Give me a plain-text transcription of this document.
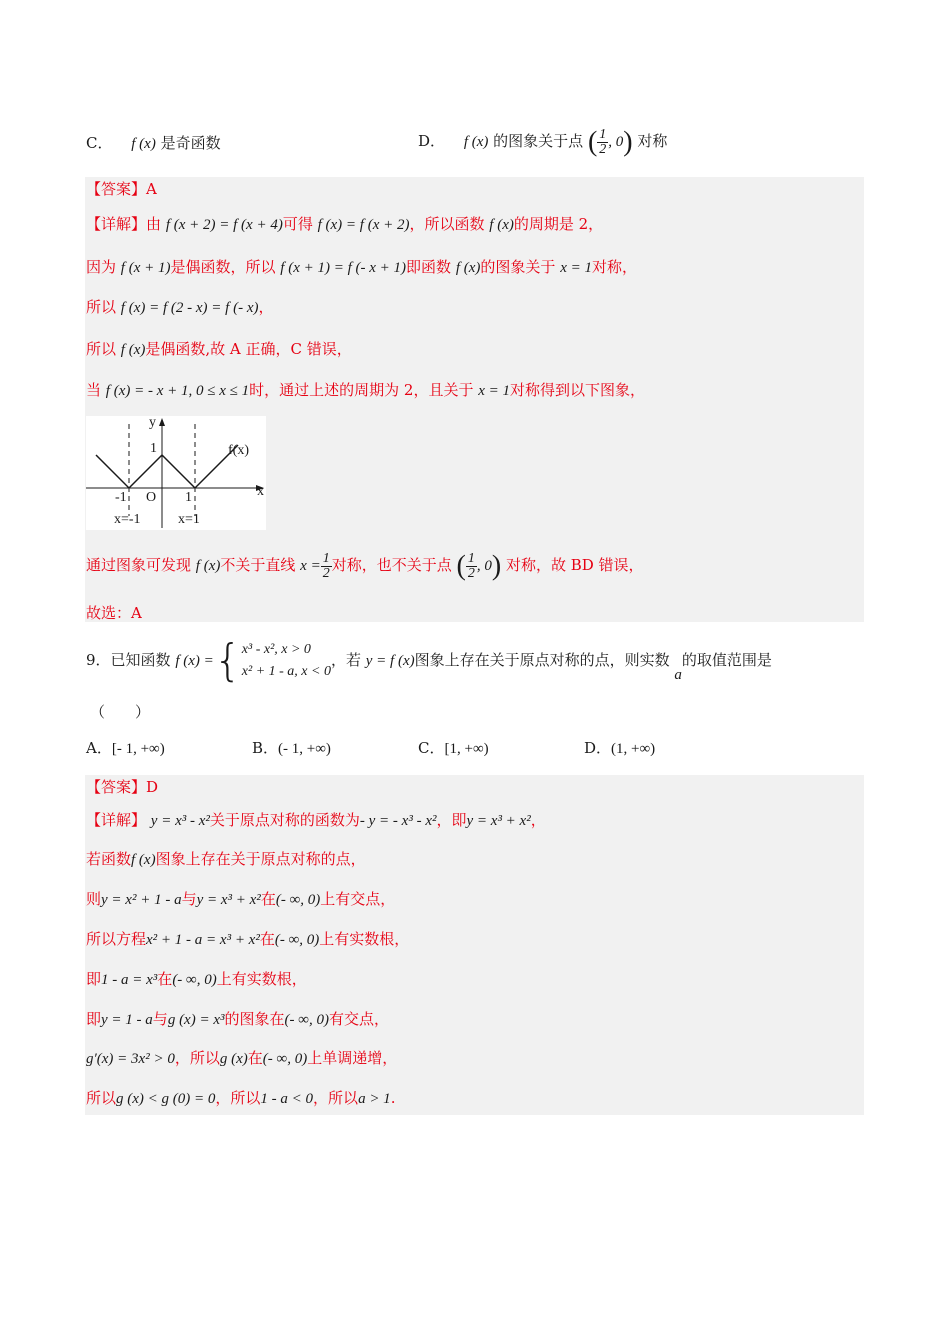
C． f (x) 是奇函数	D． f (x) 的图象关于点 ( $\frac{1}{2}$ , 0) 对称
【答案】A
【详解】由 f (x + 2) = f (x + 4)可得 f (x) = f (x + 2)，所以函数 f (x)的周期是 2，
因为 f (x + 1)是偶函数，所以 f (x + 1) = f (- x + 1)即函数 f (x)的图象关于 x = 1对称，
所以 f (x) = f (2 - x) = f (- x)，
所以 f (x)是偶函数,故 A 正确，C 错误，
当 f (x) = - x + 1, 0 ≤ x ≤ 1时，通过上述的周期为 2，且关于 x = 1对称得到以下图象，
y
x
f(x)
1
-1 O 1
x=-1	x=1
通过图象可发现 f (x)不关于直线 $x = \frac{1}{2}$ 对称，也不关于点 ( $\frac{1}{2}$ , 0) 对称，故 BD 错误，
故选：A
9．已知函数 f (x) ={ x³ - x², x > 0
x² + 1 - a, x < 0
，若 y = f (x)图象上存在关于原点对称的点，则实数 a的取值范围是
（　　）
A．[- 1, +∞)	B．(- 1, +∞)	C．[1, +∞)	D．(1, +∞)
【答案】D
【详解】 y = x³ - x²关于原点对称的函数为- y = - x³ - x²，即y = x³ + x²，
若函数f (x)图象上存在关于原点对称的点，
则y = x² + 1 - a与y = x³ + x²在(- ∞, 0)上有交点，
所以方程x² + 1 - a = x³ + x²在(- ∞, 0)上有实数根，
即1 - a = x³在(- ∞, 0)上有实数根，
即y = 1 - a与g (x) = x³的图象在(- ∞, 0)有交点，
g′(x) = 3x² > 0，所以g (x)在(- ∞, 0)上单调递增，
所以g (x) < g (0) = 0，所以1 - a < 0，所以a > 1.
